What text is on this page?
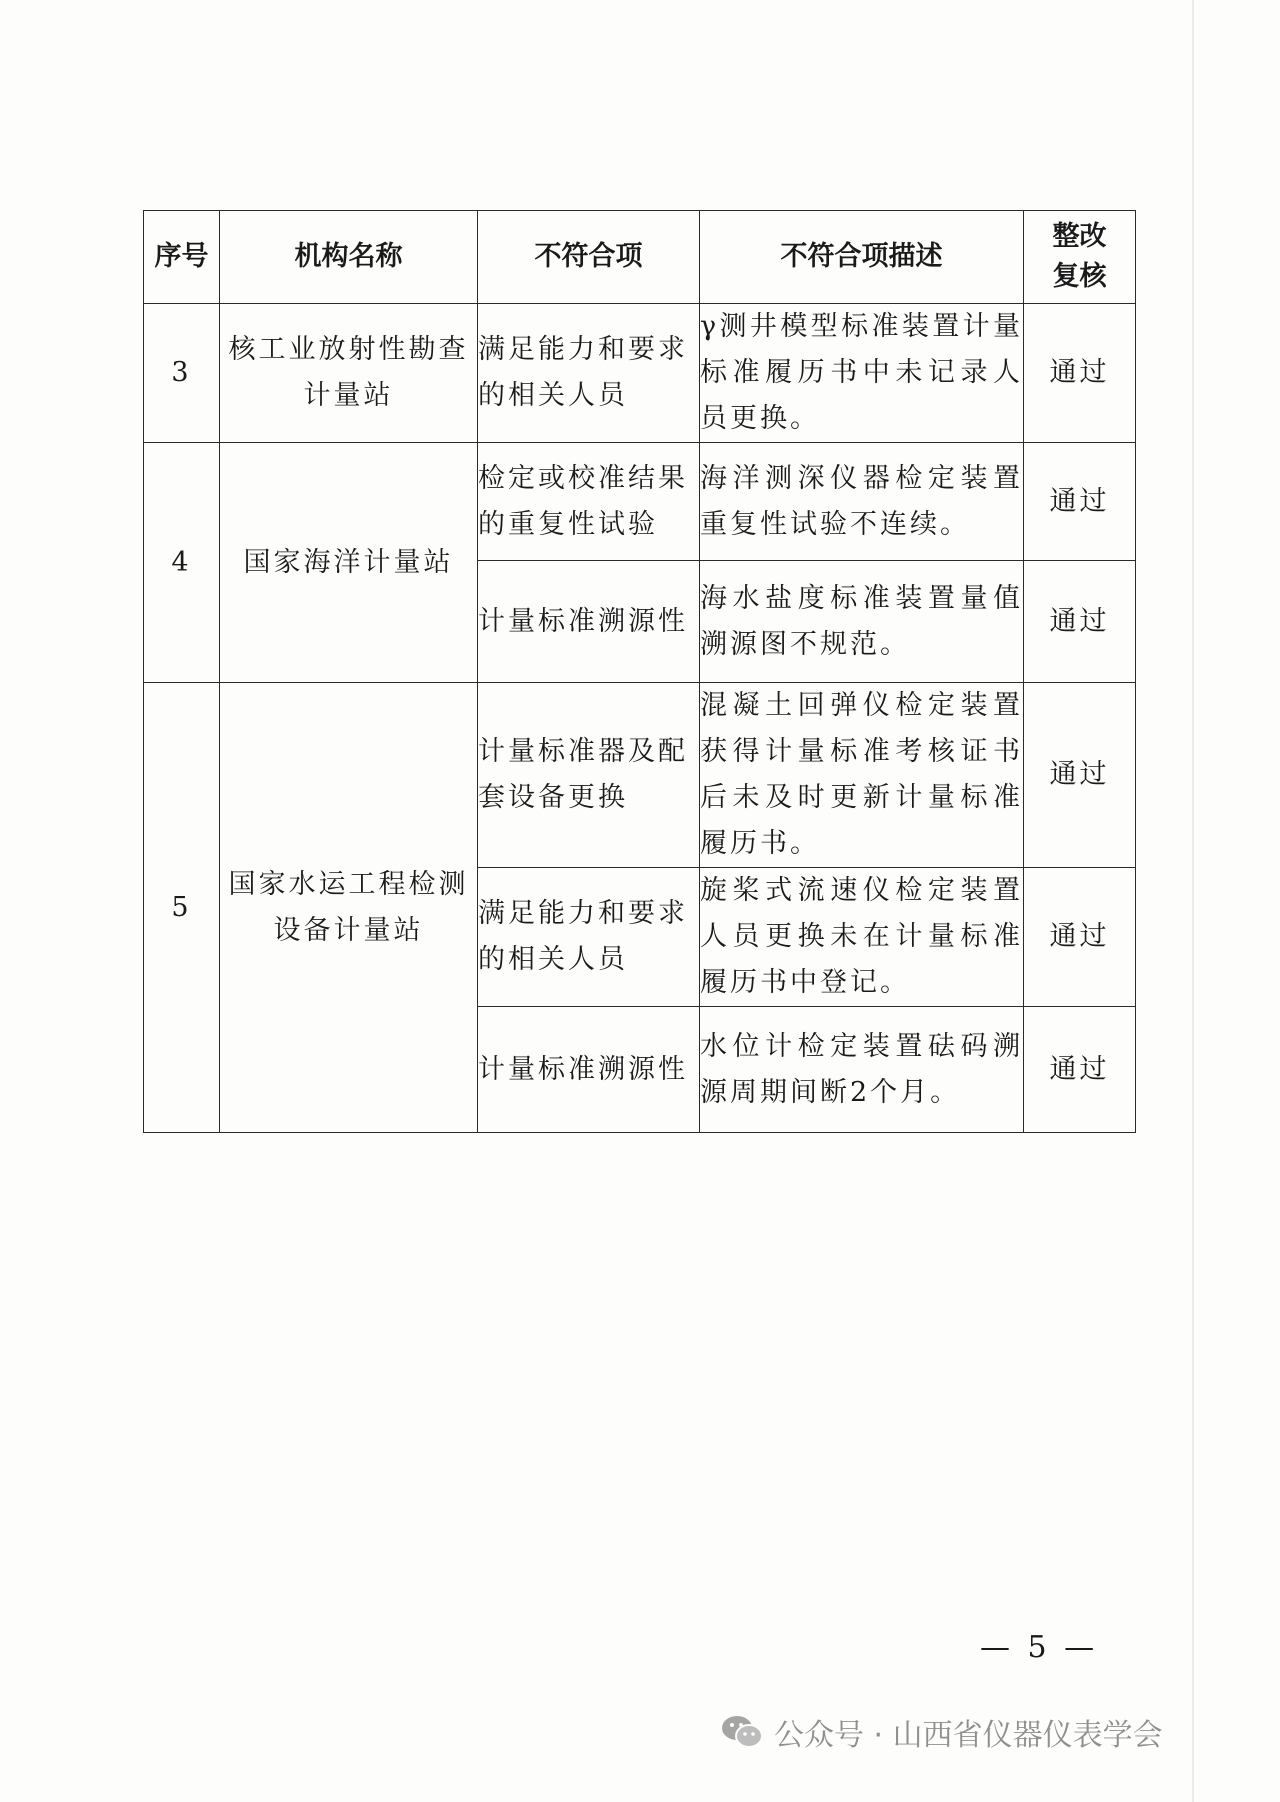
序号	机构名称	不符合项	不符合项描述	整改
复核

3	核工业放射性勘查计量站	满足能力和要求的相关人员	γ测井模型标准装置计量标准履历书中未记录人员更换。	通过
4	国家海洋计量站	检定或校准结果的重复性试验	海洋测深仪器检定装置重复性试验不连续。	通过
		计量标准溯源性	海水盐度标准装置量值溯源图不规范。	通过
5	国家水运工程检测设备计量站	计量标准器及配套设备更换	混凝土回弹仪检定装置获得计量标准考核证书后未及时更新计量标准履历书。	通过
		满足能力和要求的相关人员	旋桨式流速仪检定装置人员更换未在计量标准履历书中登记。	通过
		计量标准溯源性	水位计检定装置砝码溯源周期间断2个月。	通过
— 5 —
公众号 · 山西省仪器仪表学会
